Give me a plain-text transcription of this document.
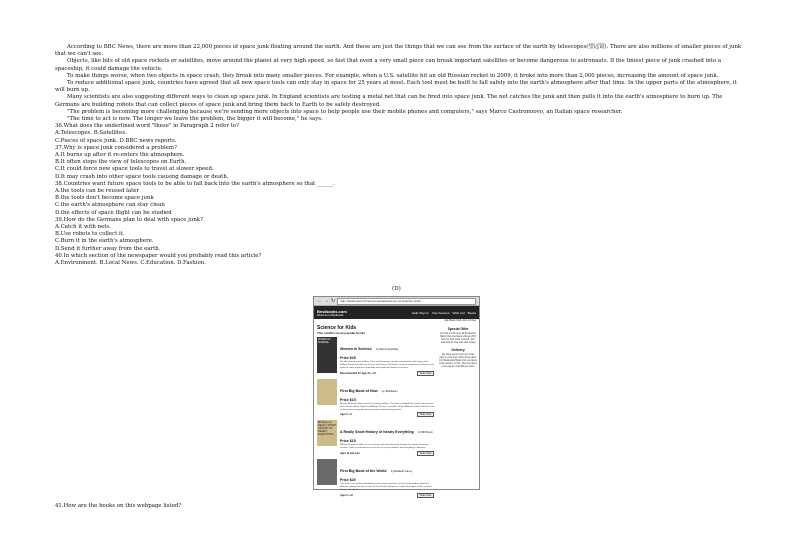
According to BBC News, there are more than 22,000 pieces of space junk floating around the earth. And these are just the things that we can see from the surface of the earth by telescopes(望远镜). There are also millions of smaller pieces of junk that we can't see.

Objects, like bits of old space rockets or satellites, move around the planet at very high speed, so fast that even a very small piece can break important satellites or become dangerous to astronauts. If the tiniest piece of junk crashed into a spaceship, it could damage the vehicle.

To make things worse, when two objects in space crash, they break into many smaller pieces. For example, when a U.S. satellite hit an old Russian rocket in 2009, it broke into more than 2,000 pieces, increasing the amount of space junk.

To reduce additional space junk, countries have agreed that all new space tools can only stay in space for 25 years at most. Each tool must be built to fall safely into the earth's atmosphere after that time. In the upper parts of the atmosphere, it will burn up.

Many scientists are also suggesting different ways to clean up space junk. In England scientists are testing a metal net that can be fired into space junk. The net catches the junk and then pulls it into the earth's atmosphere to burn up. The Germans are building robots that can collect pieces of space junk and bring them back to Earth to be safely destroyed.

"The problem is becoming more challenging because we're sending more objects into space to help people use their mobile phones and computers," says Marco Castronuovo, an Italian space researcher.

"The time to act is now. The longer we leave the problem, the bigger it will become," he says.

36.What does the underlined word "these" in Paragraph 2 refer to?

A.Telescopes. B.Satellites.

C.Pieces of space junk. D.BBC news reports.

37.Why is space junk considered a problem?

A.It burns up after it re-enters the atmosphere.

B.It often stops the view of telescopes on Earth.

C.It could force new space tools to travel at slower speed.

D.It may crash into other space tools causing damage or death.

38.Countries want future space tools to be able to fall back into the earth's atmosphere so that ______.

A.the tools can be reused later

B.the tools don't become space junk

C.the earth's atmosphere can stay clean

D.the effects of space flight can be studied

39.How do the Germans plan to deal with space junk?

A.Catch it with nets.

B.Use robots to collect it.

C.Burn it in the earth's atmosphere.

D.Send it further away from the earth.

40.In which section of the newspaper would you probably read this article?

A.Environment. B.Local News. C.Education. D.Fashion.

(D)
← → ↻	http://bestbooks.biz/recommended/science-for-kids/top-picks
Bestbooks.com
Welcome to Bestbooks
Hello Sign In Your Account Wish List Books
Join Book Club Join for free
Science for Kids
This month's most popular books
WOMEN IN SCIENCE
Women in Science by Rachel Ignotofsky
Price $25
We all know the story of Marie Curie and her many scientific achievements. But many other brilliant female scientists are far less well known. This book is a great introduction to the lives and works of some of the most important and significant women in science.
Recommended for Ages 11—13	Order Now
First Big Book of How by Jill Esbaum
Price $15
An excellent book about real life for young children. The book is divided into 4 parts: one for each of the Pacific, Arctic, Indian and Atlantic Oceans. It includes all the different animals found in each of those areas along with interesting facts and amazing pictures.
Ages 5—9	Order Now
Bill Bryson A REALLY SHORT HISTORY OF NEARLY EVERYTHING
A Really Short History of Nearly Everything by Bill Bryson
Price $15
Bill Bryson takes readers on a very funny and educational trip through the history of modern science—from its astronomical successes to its great failures and everything in between.
Ages 14 and over	Order Now
First Big Book of the World by Elizabeth Carney
Price $20
This book is the perfect introduction to the seven continents. It tells young readers about the different animals that live on each of these lands and gives a simple description of the country's history and culture.
Ages 5—12	Order Now
Special Offer
For this month only, all Bestbooks Book Club members will pay 20% less for their book ordered. Join and click for free and start today!
Delivery
We bring every book you order right to your door within three days. For Bestbooks Book Club members book delivery is free. Non-members must pay an extra $6 per book.
41.How are the books on this webpage listed?
